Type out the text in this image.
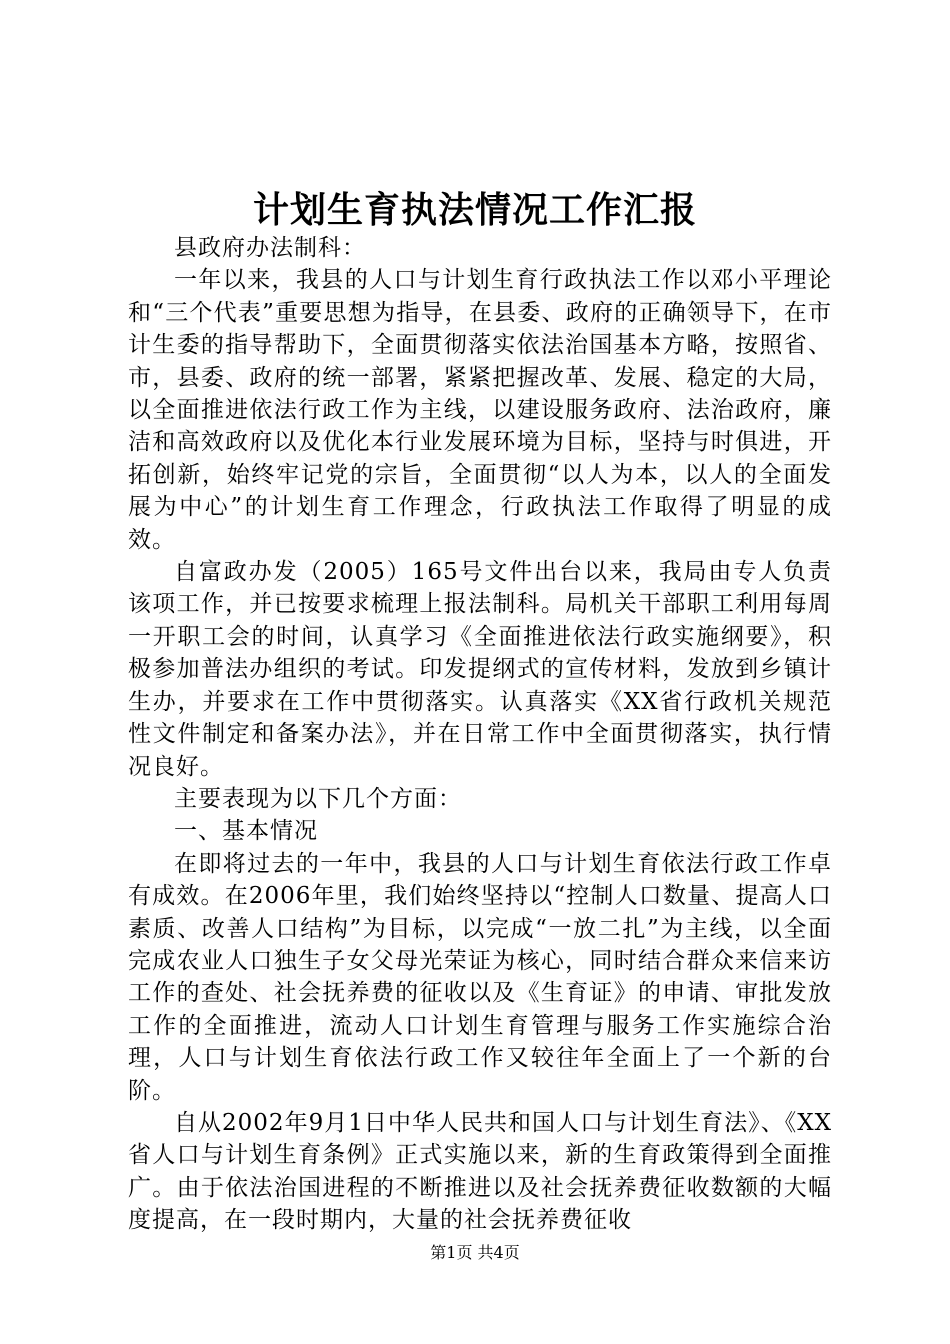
计划生育执法情况工作汇报

县政府办法制科：

一年以来，我县的人口与计划生育行政执法工作以邓小平理论和“三个代表”重要思想为指导，在县委、政府的正确领导下，在市计生委的指导帮助下，全面贯彻落实依法治国基本方略，按照省、市，县委、政府的统一部署，紧紧把握改革、发展、稳定的大局，以全面推进依法行政工作为主线，以建设服务政府、法治政府，廉洁和高效政府以及优化本行业发展环境为目标，坚持与时俱进，开拓创新，始终牢记党的宗旨，全面贯彻“以人为本，以人的全面发展为中心”的计划生育工作理念，行政执法工作取得了明显的成效。

自富政办发（2005）165号文件出台以来，我局由专人负责该项工作，并已按要求梳理上报法制科。局机关干部职工利用每周一开职工会的时间，认真学习《全面推进依法行政实施纲要》，积极参加普法办组织的考试。印发提纲式的宣传材料，发放到乡镇计生办，并要求在工作中贯彻落实。认真落实《XX省行政机关规范性文件制定和备案办法》，并在日常工作中全面贯彻落实，执行情况良好。

主要表现为以下几个方面：

一、基本情况

在即将过去的一年中，我县的人口与计划生育依法行政工作卓有成效。在2006年里，我们始终坚持以“控制人口数量、提高人口素质、改善人口结构”为目标，以完成“一放二扎”为主线，以全面完成农业人口独生子女父母光荣证为核心，同时结合群众来信来访工作的查处、社会抚养费的征收以及《生育证》的申请、审批发放工作的全面推进，流动人口计划生育管理与服务工作实施综合治理，人口与计划生育依法行政工作又较往年全面上了一个新的台阶。

自从2002年9月1日中华人民共和国人口与计划生育法》、《XX省人口与计划生育条例》正式实施以来，新的生育政策得到全面推广。由于依法治国进程的不断推进以及社会抚养费征收数额的大幅度提高，在一段时期内，大量的社会抚养费征收

第1页 共4页
